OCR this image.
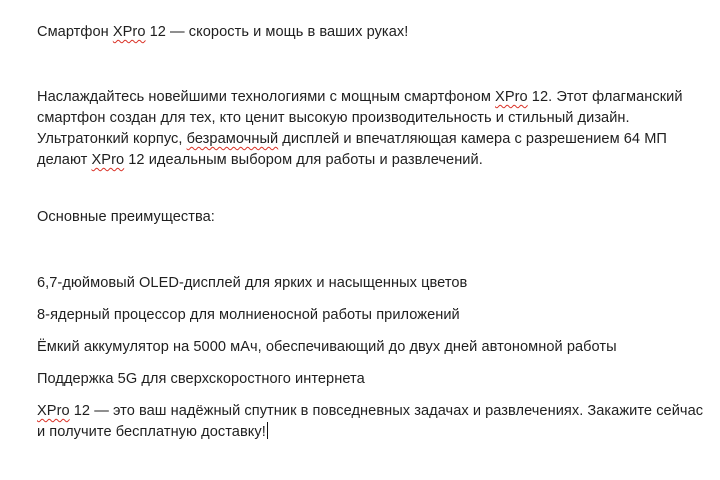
Смартфон XPro 12 — скорость и мощь в ваших руках!

Наслаждайтесь новейшими технологиями с мощным смартфоном XPro 12. Этот флагманский смартфон создан для тех, кто ценит высокую производительность и стильный дизайн. Ультратонкий корпус, безрамочный дисплей и впечатляющая камера с разрешением 64 МП делают XPro 12 идеальным выбором для работы и развлечений.

Основные преимущества:

6,7-дюймовый OLED-дисплей для ярких и насыщенных цветов

8-ядерный процессор для молниеносной работы приложений

Ёмкий аккумулятор на 5000 мАч, обеспечивающий до двух дней автономной работы

Поддержка 5G для сверхскоростного интернета

XPro 12 — это ваш надёжный спутник в повседневных задачах и развлечениях. Закажите сейчас и получите бесплатную доставку!
